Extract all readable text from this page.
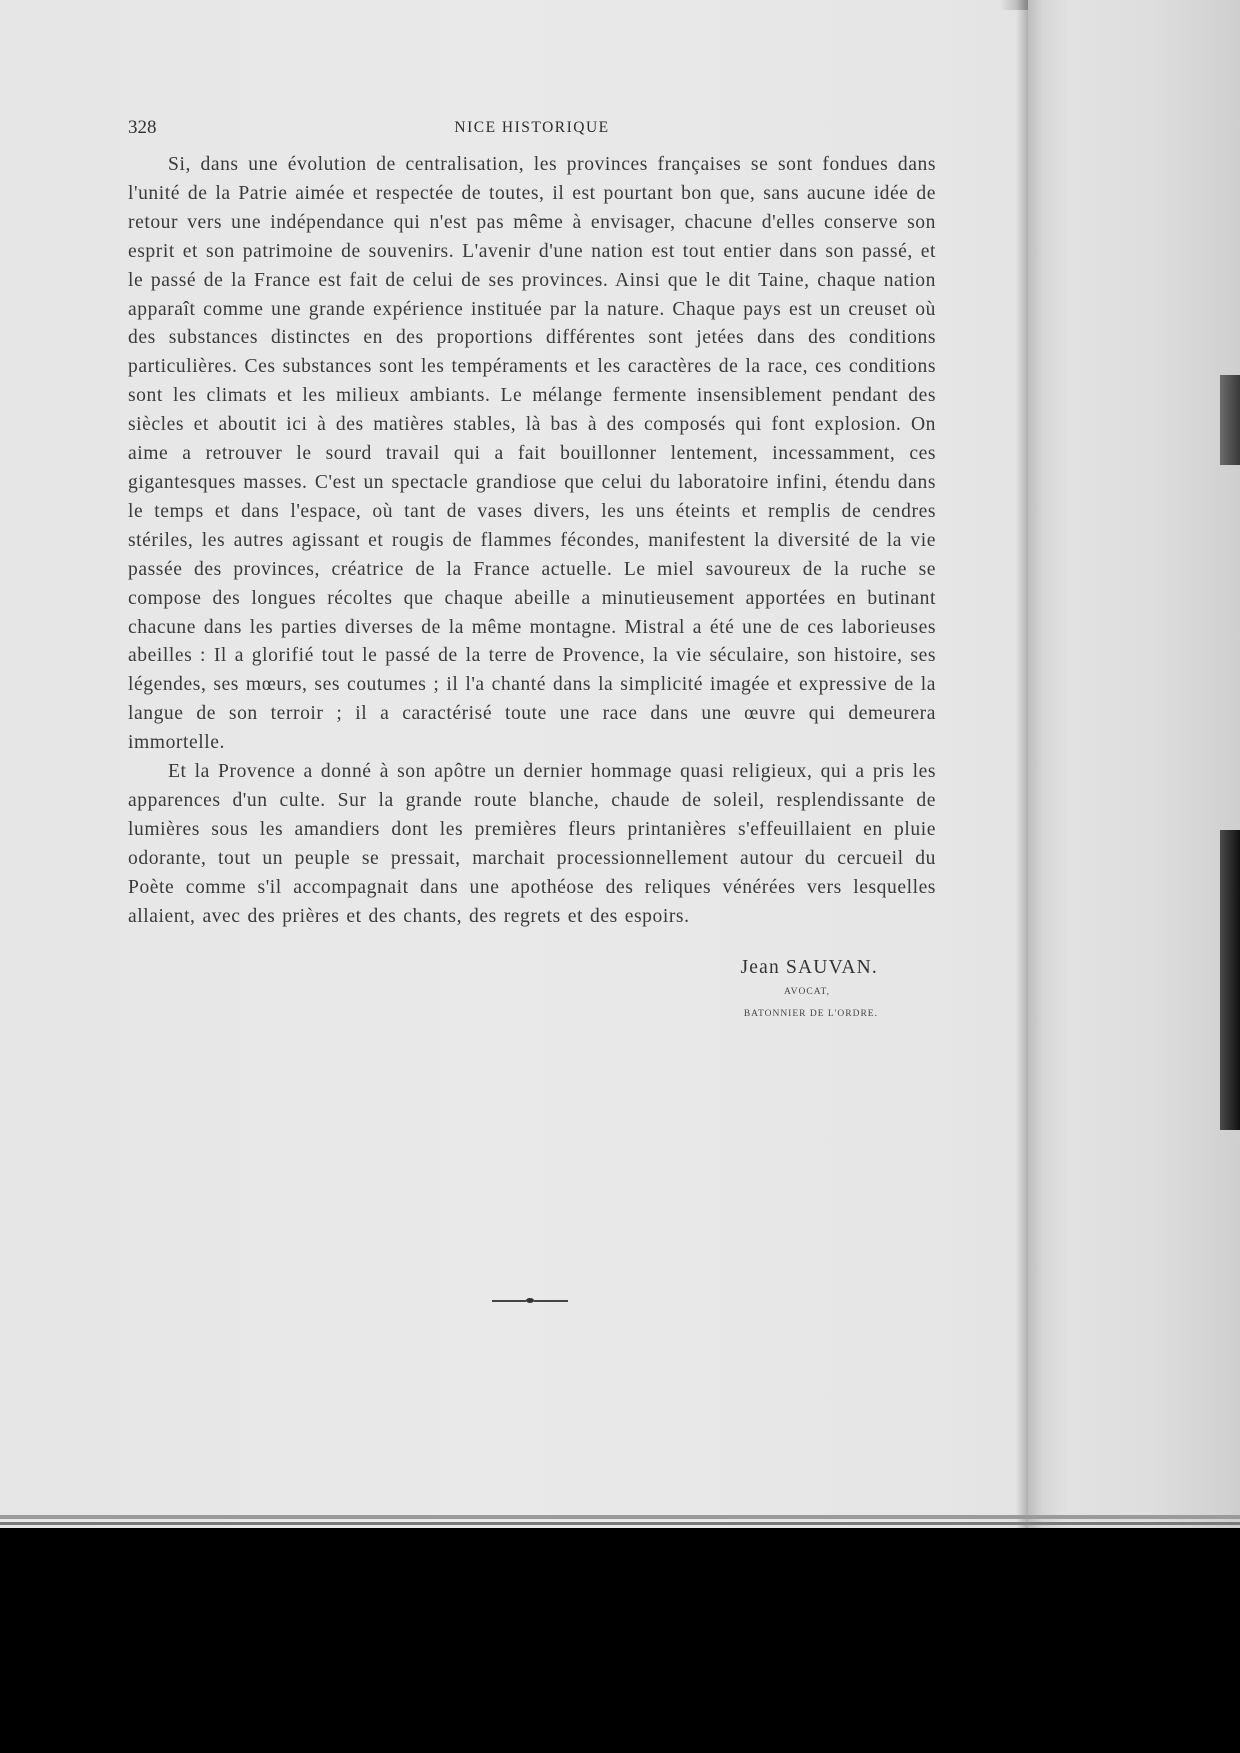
328	NICE HISTORIQUE

Si, dans une évolution de centralisation, les provinces françaises se sont fondues dans l'unité de la Patrie aimée et respectée de toutes, il est pourtant bon que, sans aucune idée de retour vers une indépendance qui n'est pas même à envisager, chacune d'elles conserve son esprit et son patrimoine de souvenirs. L'avenir d'une nation est tout entier dans son passé, et le passé de la France est fait de celui de ses provinces. Ainsi que le dit Taine, chaque nation apparaît comme une grande expérience instituée par la nature. Chaque pays est un creuset où des substances distinctes en des proportions différentes sont jetées dans des conditions particulières. Ces substances sont les tempéraments et les caractères de la race, ces conditions sont les climats et les milieux ambiants. Le mélange fermente insensiblement pendant des siècles et aboutit ici à des matières stables, là bas à des composés qui font explosion. On aime a retrouver le sourd travail qui a fait bouillonner lentement, incessamment, ces gigantesques masses. C'est un spectacle grandiose que celui du laboratoire infini, étendu dans le temps et dans l'espace, où tant de vases divers, les uns éteints et remplis de cendres stériles, les autres agissant et rougis de flammes fécondes, manifestent la diversité de la vie passée des provinces, créatrice de la France actuelle. Le miel savoureux de la ruche se compose des longues récoltes que chaque abeille a minutieusement apportées en butinant chacune dans les parties diverses de la même montagne. Mistral a été une de ces laborieuses abeilles : Il a glorifié tout le passé de la terre de Provence, la vie séculaire, son histoire, ses légendes, ses mœurs, ses coutumes ; il l'a chanté dans la simplicité imagée et expressive de la langue de son terroir ; il a caractérisé toute une race dans une œuvre qui demeurera immortelle.

Et la Provence a donné à son apôtre un dernier hommage quasi religieux, qui a pris les apparences d'un culte. Sur la grande route blanche, chaude de soleil, resplendissante de lumières sous les amandiers dont les premières fleurs printanières s'effeuillaient en pluie odorante, tout un peuple se pressait, marchait processionnellement autour du cercueil du Poète comme s'il accompagnait dans une apothéose des reliques vénérées vers lesquelles allaient, avec des prières et des chants, des regrets et des espoirs.

Jean SAUVAN.
AVOCAT,
BATONNIER DE L'ORDRE.
